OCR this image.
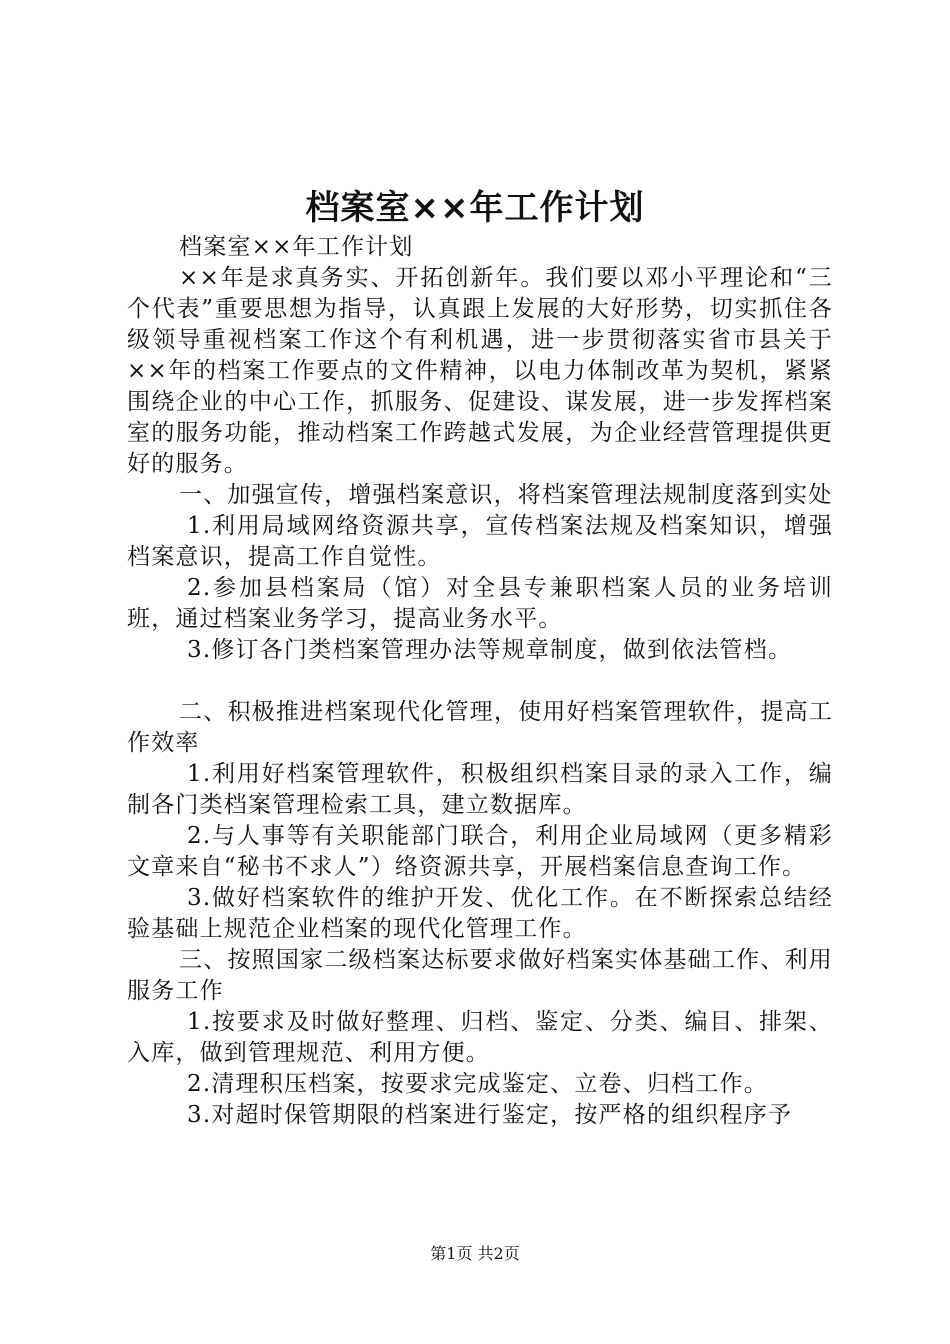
档案室××年工作计划

档案室××年工作计划

××年是求真务实、开拓创新年。我们要以邓小平理论和“三个代表”重要思想为指导，认真跟上发展的大好形势，切实抓住各级领导重视档案工作这个有利机遇，进一步贯彻落实省市县关于××年的档案工作要点的文件精神，以电力体制改革为契机，紧紧围绕企业的中心工作，抓服务、促建设、谋发展，进一步发挥档案室的服务功能，推动档案工作跨越式发展，为企业经营管理提供更好的服务。

一、加强宣传，增强档案意识，将档案管理法规制度落到实处

1.利用局域网络资源共享，宣传档案法规及档案知识，增强档案意识，提高工作自觉性。

2.参加县档案局（馆）对全县专兼职档案人员的业务培训班，通过档案业务学习，提高业务水平。

3.修订各门类档案管理办法等规章制度，做到依法管档。

二、积极推进档案现代化管理，使用好档案管理软件，提高工作效率

1.利用好档案管理软件，积极组织档案目录的录入工作，编制各门类档案管理检索工具，建立数据库。

2.与人事等有关职能部门联合，利用企业局域网（更多精彩文章来自“秘书不求人”）络资源共享，开展档案信息查询工作。

3.做好档案软件的维护开发、优化工作。在不断探索总结经验基础上规范企业档案的现代化管理工作。

三、按照国家二级档案达标要求做好档案实体基础工作、利用服务工作

1.按要求及时做好整理、归档、鉴定、分类、编目、排架、入库，做到管理规范、利用方便。

2.清理积压档案，按要求完成鉴定、立卷、归档工作。

3.对超时保管期限的档案进行鉴定，按严格的组织程序予

第1页 共2页
